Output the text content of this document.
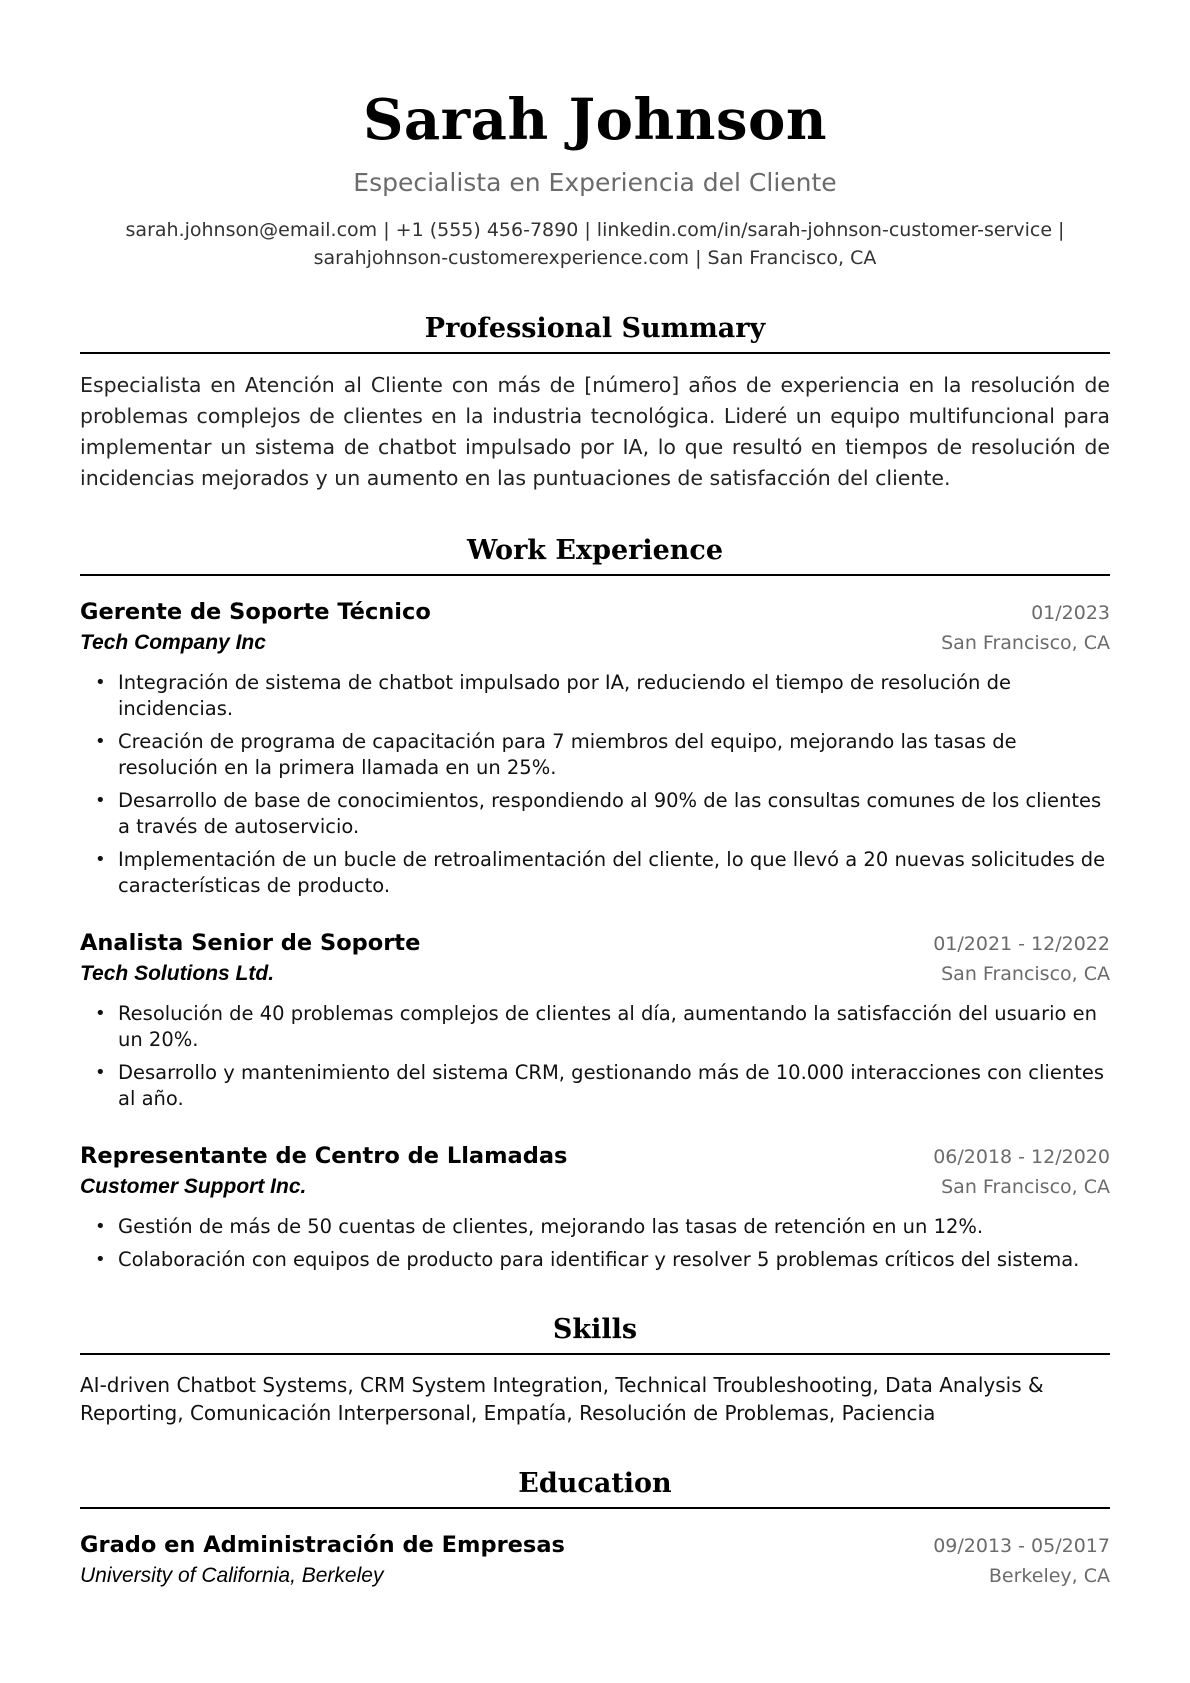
Sarah Johnson
Especialista en Experiencia del Cliente
sarah.johnson@email.com | +1 (555) 456-7890 | linkedin.com/in/sarah-johnson-customer-service |
sarahjohnson-customerexperience.com | San Francisco, CA
Professional Summary

Especialista en Atención al Cliente con más de [número] años de experiencia en la resolución de problemas complejos de clientes en la industria tecnológica. Lideré un equipo multifuncional para implementar un sistema de chatbot impulsado por IA, lo que resultó en tiempos de resolución de incidencias mejorados y un aumento en las puntuaciones de satisfacción del cliente.

Work Experience
Gerente de Soporte Técnico	01/2023
Tech Company Inc	San Francisco, CA
• Integración de sistema de chatbot impulsado por IA, reduciendo el tiempo de resolución de incidencias.
• Creación de programa de capacitación para 7 miembros del equipo, mejorando las tasas de resolución en la primera llamada en un 25%.
• Desarrollo de base de conocimientos, respondiendo al 90% de las consultas comunes de los clientes a través de autoservicio.
• Implementación de un bucle de retroalimentación del cliente, lo que llevó a 20 nuevas solicitudes de características de producto.
Analista Senior de Soporte	01/2021 - 12/2022
Tech Solutions Ltd.	San Francisco, CA
• Resolución de 40 problemas complejos de clientes al día, aumentando la satisfacción del usuario en un 20%.
• Desarrollo y mantenimiento del sistema CRM, gestionando más de 10.000 interacciones con clientes al año.
Representante de Centro de Llamadas	06/2018 - 12/2020
Customer Support Inc.	San Francisco, CA
• Gestión de más de 50 cuentas de clientes, mejorando las tasas de retención en un 12%.
• Colaboración con equipos de producto para identificar y resolver 5 problemas críticos del sistema.
Skills

AI-driven Chatbot Systems, CRM System Integration, Technical Troubleshooting, Data Analysis & Reporting, Comunicación Interpersonal, Empatía, Resolución de Problemas, Paciencia

Education
Grado en Administración de Empresas	09/2013 - 05/2017
University of California, Berkeley	Berkeley, CA
